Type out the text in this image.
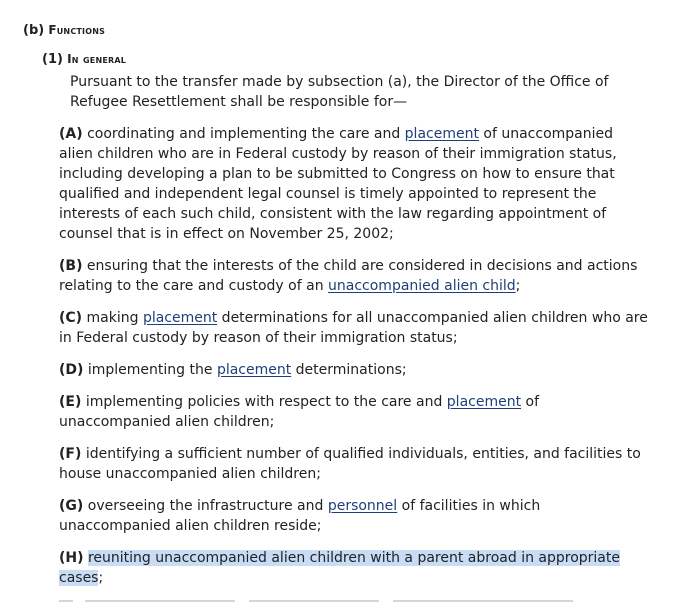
(b) Functions
(1) In general
Pursuant to the transfer made by subsection (a), the Director of the Office of Refugee Resettlement shall be responsible for—
(A) coordinating and implementing the care and placement of unaccompanied alien children who are in Federal custody by reason of their immigration status, including developing a plan to be submitted to Congress on how to ensure that qualified and independent legal counsel is timely appointed to represent the interests of each such child, consistent with the law regarding appointment of counsel that is in effect on November 25, 2002;
(B) ensuring that the interests of the child are considered in decisions and actions relating to the care and custody of an unaccompanied alien child;
(C) making placement determinations for all unaccompanied alien children who are in Federal custody by reason of their immigration status;
(D) implementing the placement determinations;
(E) implementing policies with respect to the care and placement of unaccompanied alien children;
(F) identifying a sufficient number of qualified individuals, entities, and facilities to house unaccompanied alien children;
(G) overseeing the infrastructure and personnel of facilities in which unaccompanied alien children reside;
(H) reuniting unaccompanied alien children with a parent abroad in appropriate cases;
